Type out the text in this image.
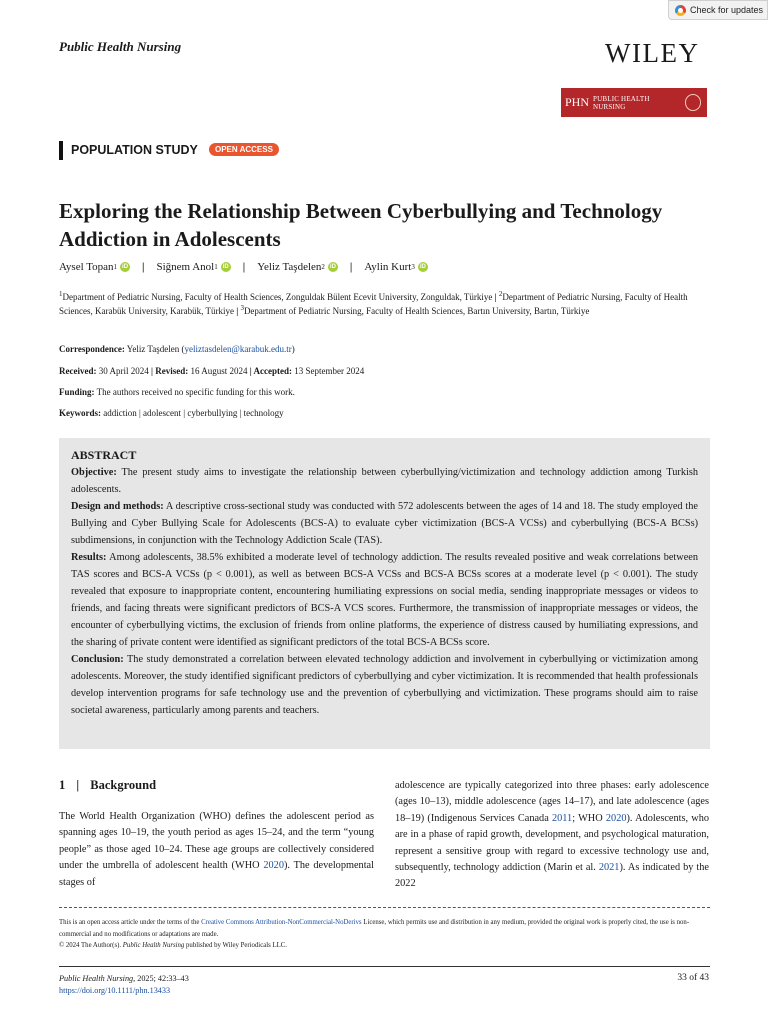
Check for updates
Public Health Nursing	WILEY
PHN PUBLIC HEALTH NURSING
POPULATION STUDY	OPEN ACCESS
Exploring the Relationship Between Cyberbullying and Technology Addiction in Adolescents
Aysel Topan 1 iD | Siğnem Anol 1 iD | Yeliz Taşdelen 2 iD | Aylin Kurt 3 iD
$^1$Department of Pediatric Nursing, Faculty of Health Sciences, Zonguldak Bülent Ecevit University, Zonguldak, Türkiye | $^2$Department of Pediatric Nursing, Faculty of Health Sciences, Karabük University, Karabük, Türkiye | $^3$Department of Pediatric Nursing, Faculty of Health Sciences, Bartın University, Bartın, Türkiye
Correspondence: Yeliz Taşdelen (yeliztasdelen@karabuk.edu.tr)
Received: 30 April 2024 | Revised: 16 August 2024 | Accepted: 13 September 2024
Funding: The authors received no specific funding for this work.
Keywords: addiction | adolescent | cyberbullying | technology
ABSTRACT

Objective: The present study aims to investigate the relationship between cyberbullying/victimization and technology addiction among Turkish adolescents.

Design and methods: A descriptive cross-sectional study was conducted with 572 adolescents between the ages of 14 and 18. The study employed the Bullying and Cyber Bullying Scale for Adolescents (BCS-A) to evaluate cyber victimization (BCS-A VCSs) and cyberbullying (BCS-A BCSs) subdimensions, in conjunction with the Technology Addiction Scale (TAS).

Results: Among adolescents, 38.5% exhibited a moderate level of technology addiction. The results revealed positive and weak correlations between TAS scores and BCS-A VCSs (p < 0.001), as well as between BCS-A VCSs and BCS-A BCSs scores at a moderate level (p < 0.001). The study revealed that exposure to inappropriate content, encountering humiliating expressions on social media, sending inappropriate messages or videos to friends, and facing threats were significant predictors of BCS-A VCS scores. Furthermore, the transmission of inappropriate messages or videos, the encounter of cyberbullying victims, the exclusion of friends from online platforms, the experience of distress caused by humiliating expressions, and the sharing of private content were identified as significant predictors of the total BCS-A BCSs score.

Conclusion: The study demonstrated a correlation between elevated technology addiction and involvement in cyberbullying or victimization among adolescents. Moreover, the study identified significant predictors of cyberbullying and cyber victimization. It is recommended that health professionals develop intervention programs for safe technology use and the prevention of cyberbullying and victimization. These programs should aim to raise societal awareness, particularly among parents and teachers.

1 | Background
The World Health Organization (WHO) defines the adolescent period as spanning ages 10–19, the youth period as ages 15–24, and the term “young people” as those aged 10–24. These age groups are collectively considered under the umbrella of adolescent health (WHO 2020). The developmental stages of
adolescence are typically categorized into three phases: early adolescence (ages 10–13), middle adolescence (ages 14–17), and late adolescence (ages 18–19) (Indigenous Services Canada 2011; WHO 2020). Adolescents, who are in a phase of rapid growth, development, and psychological maturation, represent a sensitive group with regard to excessive technology use and, subsequently, technology addiction (Marin et al. 2021). As indicated by the 2022
This is an open access article under the terms of the Creative Commons Attribution-NonCommercial-NoDerivs License, which permits use and distribution in any medium, provided the original work is properly cited, the use is non-commercial and no modifications or adaptations are made.
© 2024 The Author(s). Public Health Nursing published by Wiley Periodicals LLC.
Public Health Nursing, 2025; 42:33–43
https://doi.org/10.1111/phn.13433
33 of 43
